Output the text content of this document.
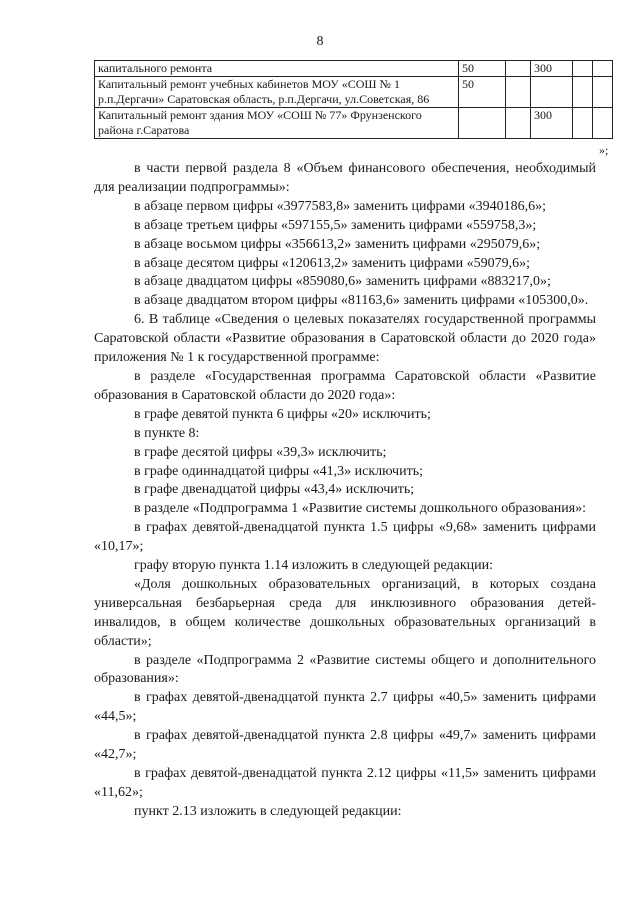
8
капитального ремонта	50		300		
Капитальный ремонт учебных кабинетов МОУ «СОШ № 1 р.п.Дергачи» Саратовская область, р.п.Дергачи, ул.Советская, 86	50				
Капитальный ремонт здания МОУ «СОШ № 77» Фрунзенского района г.Саратова			300		
»;

в части первой раздела 8 «Объем финансового обеспечения, необходимый для реализации подпрограммы»:

в абзаце первом цифры «3977583,8» заменить цифрами «3940186,6»;

в абзаце третьем цифры «597155,5» заменить цифрами «559758,3»;

в абзаце восьмом цифры «356613,2» заменить цифрами «295079,6»;

в абзаце десятом цифры «120613,2» заменить цифрами «59079,6»;

в абзаце двадцатом цифры «859080,6» заменить цифрами «883217,0»;

в абзаце двадцатом втором цифры «81163,6» заменить цифрами «105300,0».

6. В таблице «Сведения о целевых показателях государственной программы Саратовской области «Развитие образования в Саратовской области до 2020 года» приложения № 1 к государственной программе:

в разделе «Государственная программа Саратовской области «Развитие образования в Саратовской области до 2020 года»:

в графе девятой пункта 6 цифры «20» исключить;

в пункте 8:

в графе десятой цифры «39,3» исключить;

в графе одиннадцатой цифры «41,3» исключить;

в графе двенадцатой цифры «43,4» исключить;

в разделе «Подпрограмма 1 «Развитие системы дошкольного образования»:

в графах девятой-двенадцатой пункта 1.5 цифры «9,68» заменить цифрами «10,17»;

графу вторую пункта 1.14 изложить в следующей редакции:

«Доля дошкольных образовательных организаций, в которых создана универсальная безбарьерная среда для инклюзивного образования детей-инвалидов, в общем количестве дошкольных образовательных организаций в области»;

в разделе «Подпрограмма 2 «Развитие системы общего и дополнительного образования»:

в графах девятой-двенадцатой пункта 2.7 цифры «40,5» заменить цифрами «44,5»;

в графах девятой-двенадцатой пункта 2.8 цифры «49,7» заменить цифрами «42,7»;

в графах девятой-двенадцатой пункта 2.12 цифры «11,5» заменить цифрами «11,62»;

пункт 2.13 изложить в следующей редакции:
